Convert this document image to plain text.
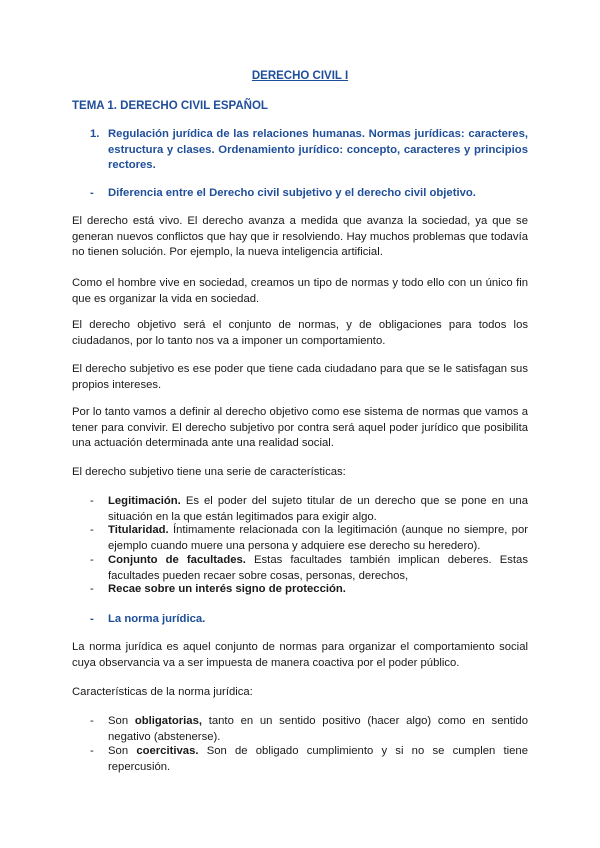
DERECHO CIVIL I
TEMA 1. DERECHO CIVIL ESPAÑOL
1. Regulación jurídica de las relaciones humanas. Normas jurídicas: caracteres, estructura y clases. Ordenamiento jurídico: concepto, caracteres y principios rectores.
- Diferencia entre el Derecho civil subjetivo y el derecho civil objetivo.
El derecho está vivo. El derecho avanza a medida que avanza la sociedad, ya que se generan nuevos conflictos que hay que ir resolviendo. Hay muchos problemas que todavía no tienen solución. Por ejemplo, la nueva inteligencia artificial.
Como el hombre vive en sociedad, creamos un tipo de normas y todo ello con un único fin que es organizar la vida en sociedad.
El derecho objetivo será el conjunto de normas, y de obligaciones para todos los ciudadanos, por lo tanto nos va a imponer un comportamiento.
El derecho subjetivo es ese poder que tiene cada ciudadano para que se le satisfagan sus propios intereses.
Por lo tanto vamos a definir al derecho objetivo como ese sistema de normas que vamos a tener para convivir. El derecho subjetivo por contra será aquel poder jurídico que posibilita una actuación determinada ante una realidad social.
El derecho subjetivo tiene una serie de características:
- Legitimación. Es el poder del sujeto titular de un derecho que se pone en una situación en la que están legitimados para exigir algo.
- Titularidad. Íntimamente relacionada con la legitimación (aunque no siempre, por ejemplo cuando muere una persona y adquiere ese derecho su heredero).
- Conjunto de facultades. Estas facultades también implican deberes. Estas facultades pueden recaer sobre cosas, personas, derechos,
- Recae sobre un interés signo de protección.
- La norma jurídica.
La norma jurídica es aquel conjunto de normas para organizar el comportamiento social cuya observancia va a ser impuesta de manera coactiva por el poder público.
Características de la norma jurídica:
- Son obligatorias, tanto en un sentido positivo (hacer algo) como en sentido negativo (abstenerse).
- Son coercitivas. Son de obligado cumplimiento y si no se cumplen tiene repercusión.
